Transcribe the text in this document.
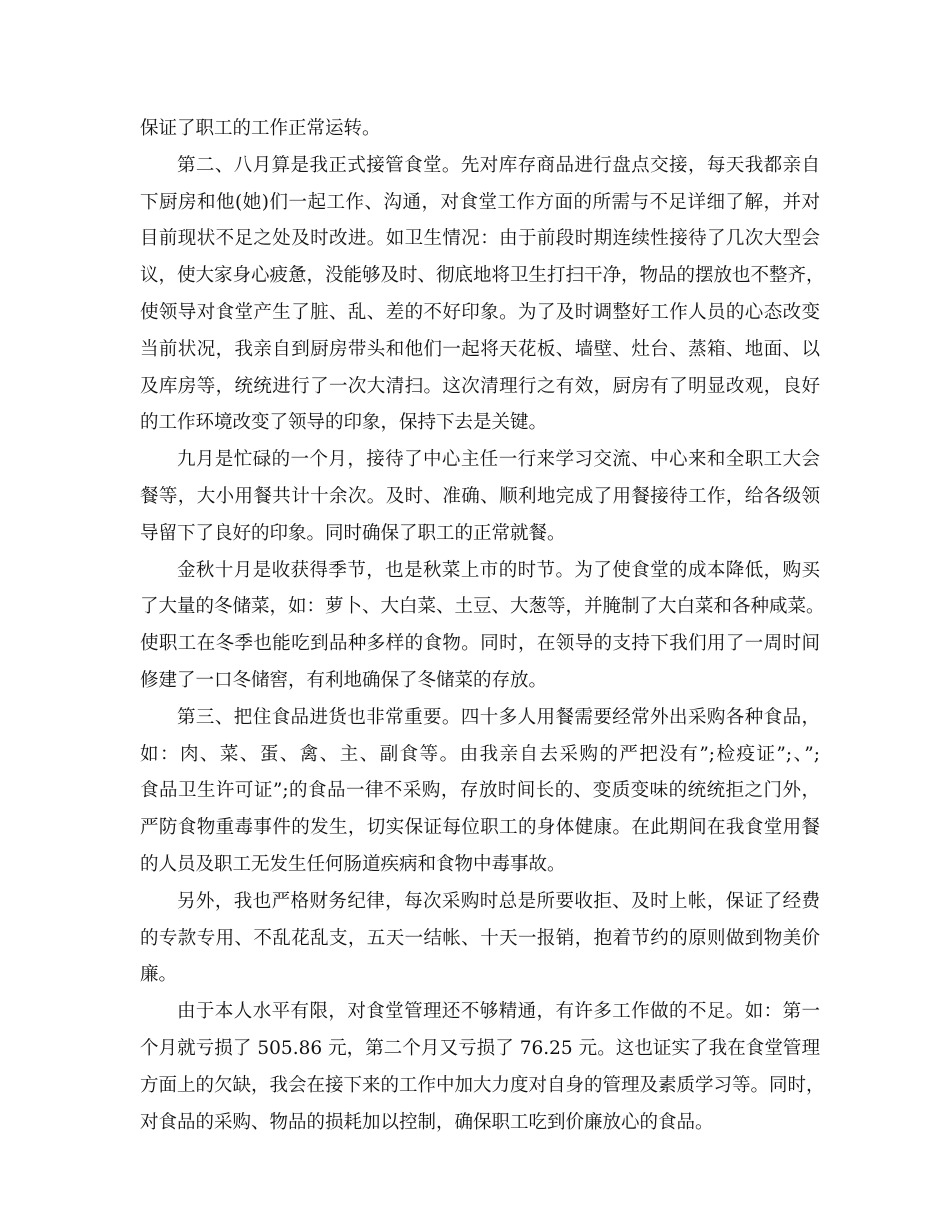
保证了职工的工作正常运转。
第二、八月算是我正式接管食堂。先对库存商品进行盘点交接，每天我都亲自
下厨房和他(她)们一起工作、沟通，对食堂工作方面的所需与不足详细了解，并对
目前现状不足之处及时改进。如卫生情况：由于前段时期连续性接待了几次大型会
议，使大家身心疲惫，没能够及时、彻底地将卫生打扫干净，物品的摆放也不整齐，
使领导对食堂产生了脏、乱、差的不好印象。为了及时调整好工作人员的心态改变
当前状况，我亲自到厨房带头和他们一起将天花板、墙壁、灶台、蒸箱、地面、以
及库房等，统统进行了一次大清扫。这次清理行之有效，厨房有了明显改观，良好
的工作环境改变了领导的印象，保持下去是关键。
九月是忙碌的一个月，接待了中心主任一行来学习交流、中心来和全职工大会
餐等，大小用餐共计十余次。及时、准确、顺利地完成了用餐接待工作，给各级领
导留下了良好的印象。同时确保了职工的正常就餐。
金秋十月是收获得季节，也是秋菜上市的时节。为了使食堂的成本降低，购买
了大量的冬储菜，如：萝卜、大白菜、土豆、大葱等，并腌制了大白菜和各种咸菜。
使职工在冬季也能吃到品种多样的食物。同时，在领导的支持下我们用了一周时间
修建了一口冬储窖，有利地确保了冬储菜的存放。
第三、把住食品进货也非常重要。四十多人用餐需要经常外出采购各种食品，
如：肉、菜、蛋、禽、主、副食等。由我亲自去采购的严把没有”;检疫证”;、”;
食品卫生许可证”;的食品一律不采购，存放时间长的、变质变味的统统拒之门外，
严防食物重毒事件的发生，切实保证每位职工的身体健康。在此期间在我食堂用餐
的人员及职工无发生任何肠道疾病和食物中毒事故。
另外，我也严格财务纪律，每次采购时总是所要收拒、及时上帐，保证了经费
的专款专用、不乱花乱支，五天一结帐、十天一报销，抱着节约的原则做到物美价
廉。
由于本人水平有限，对食堂管理还不够精通，有许多工作做的不足。如：第一
个月就亏损了 505.86 元，第二个月又亏损了 76.25 元。这也证实了我在食堂管理
方面上的欠缺，我会在接下来的工作中加大力度对自身的管理及素质学习等。同时，
对食品的采购、物品的损耗加以控制，确保职工吃到价廉放心的食品。
